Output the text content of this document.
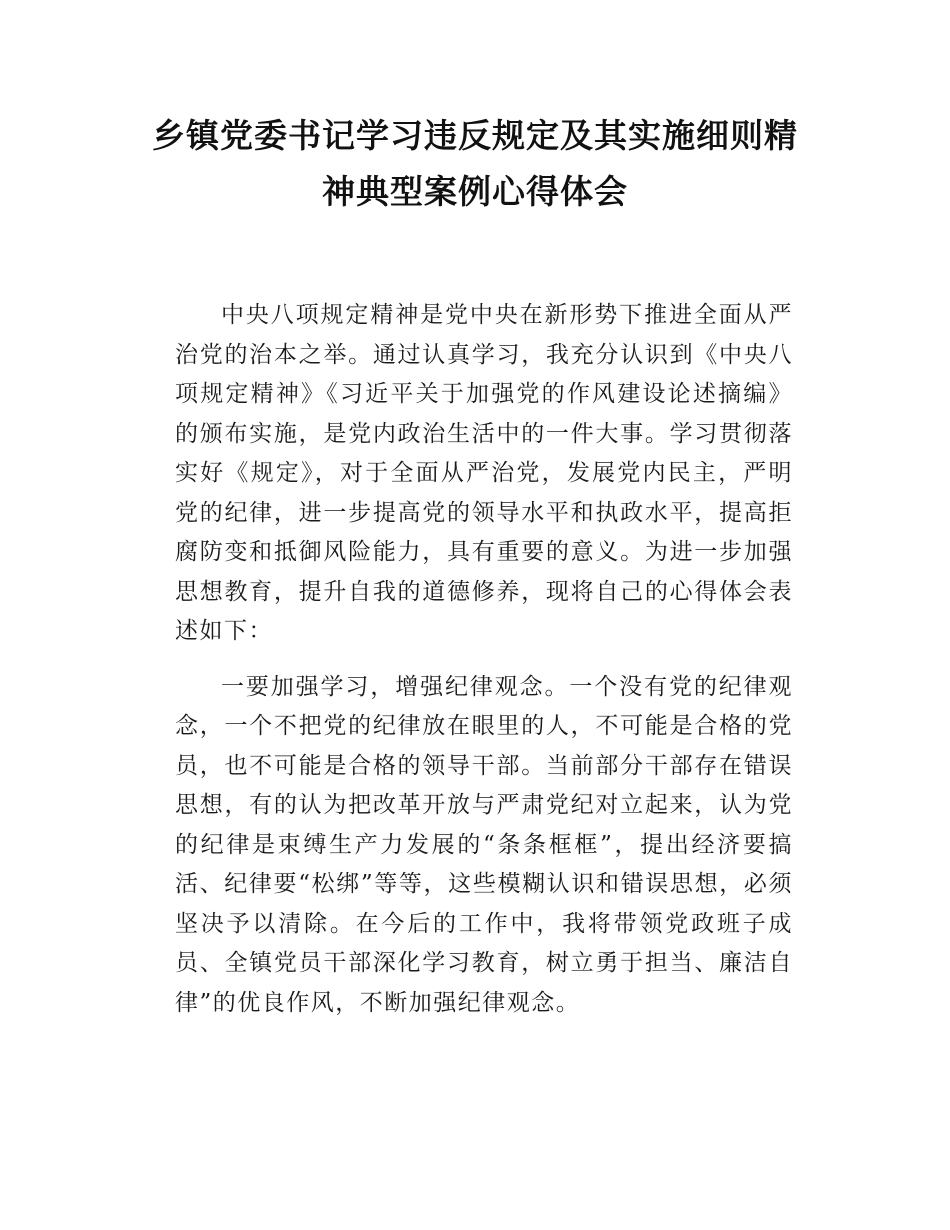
乡镇党委书记学习违反规定及其实施细则精神典型案例心得体会

中央八项规定精神是党中央在新形势下推进全面从严治党的治本之举。通过认真学习，我充分认识到《中央八项规定精神》《习近平关于加强党的作风建设论述摘编》的颁布实施，是党内政治生活中的一件大事。学习贯彻落实好《规定》，对于全面从严治党，发展党内民主，严明党的纪律，进一步提高党的领导水平和执政水平，提高拒腐防变和抵御风险能力，具有重要的意义。为进一步加强思想教育，提升自我的道德修养，现将自己的心得体会表述如下：

一要加强学习，增强纪律观念。一个没有党的纪律观念，一个不把党的纪律放在眼里的人，不可能是合格的党员，也不可能是合格的领导干部。当前部分干部存在错误思想，有的认为把改革开放与严肃党纪对立起来，认为党的纪律是束缚生产力发展的“条条框框”，提出经济要搞活、纪律要“松绑”等等，这些模糊认识和错误思想，必须坚决予以清除。在今后的工作中，我将带领党政班子成员、全镇党员干部深化学习教育，树立勇于担当、廉洁自律”的优良作风，不断加强纪律观念。
